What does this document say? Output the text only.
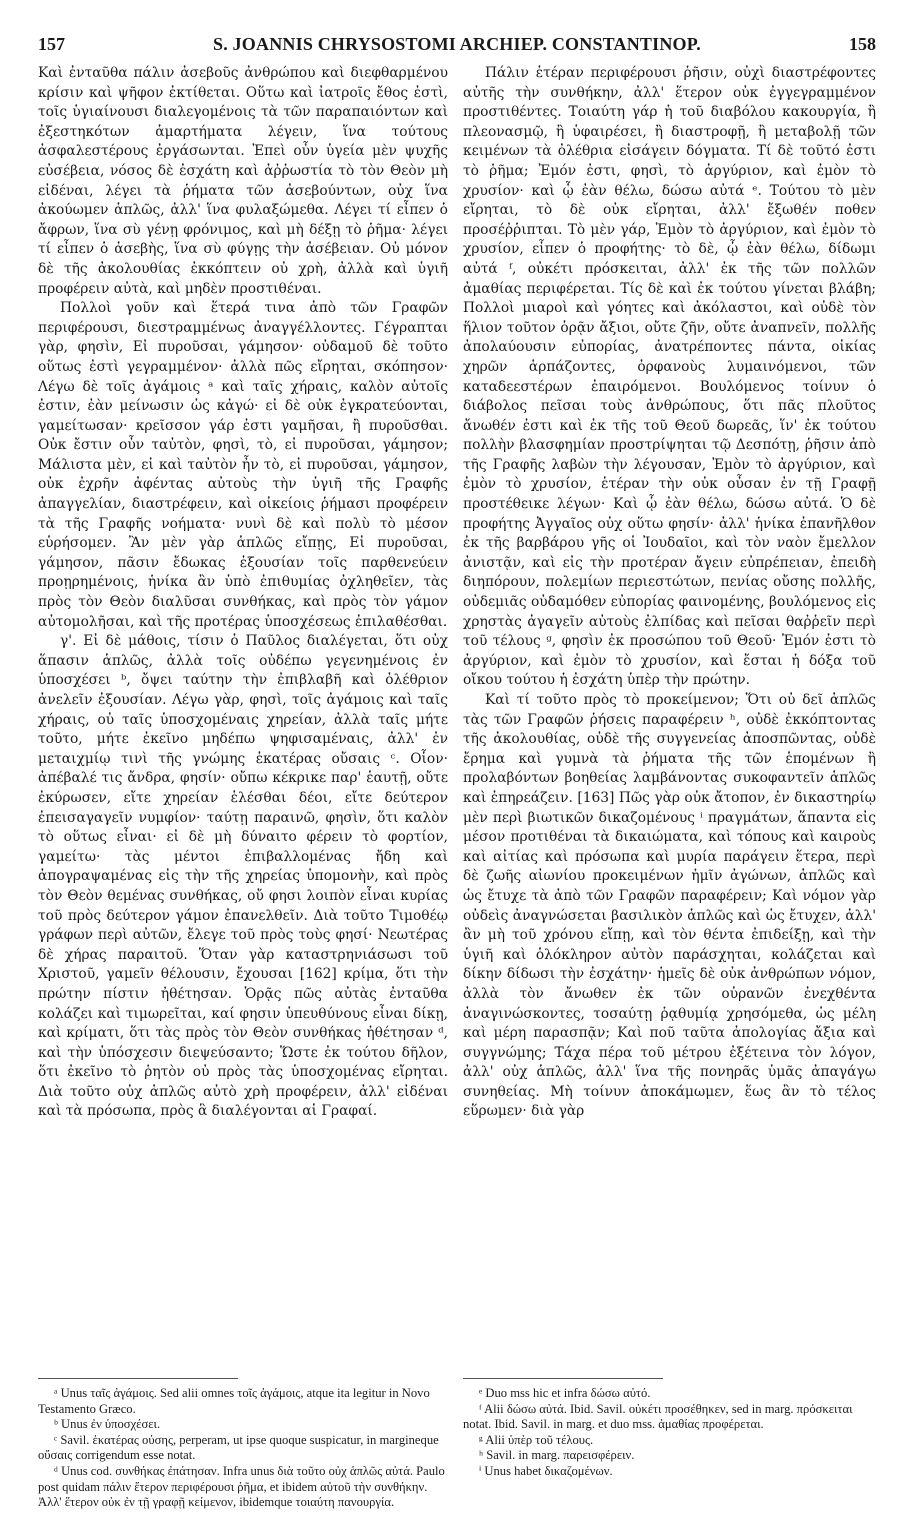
157	S. JOANNIS CHRYSOSTOMI ARCHIEP. CONSTANTINOP.	158

Καὶ ἐνταῦθα πάλιν ἀσεβοῦς ἀνθρώπου καὶ διεφθαρμένου κρίσιν καὶ ψῆφον ἐκτίθεται. Οὕτω καὶ ἰατροῖς ἔθος ἐστὶ, τοῖς ὑγιαίνουσι διαλεγομένοις τὰ τῶν παραπαιόντων καὶ ἐξεστηκότων ἁμαρτήματα λέγειν, ἵνα τούτους ἀσφαλεστέρους ἐργάσωνται. Ἐπεὶ οὖν ὑγεία μὲν ψυχῆς εὐσέβεια, νόσος δὲ ἐσχάτη καὶ ἀῤῥωστία τὸ τὸν Θεὸν μὴ εἰδέναι, λέγει τὰ ῥήματα τῶν ἀσεβούντων, οὐχ ἵνα ἀκούωμεν ἁπλῶς, ἀλλ' ἵνα φυλαξώμεθα. Λέγει τί εἶπεν ὁ ἄφρων, ἵνα σὺ γένῃ φρόνιμος, καὶ μὴ δέξῃ τὸ ῥῆμα· λέγει τί εἶπεν ὁ ἀσεβὴς, ἵνα σὺ φύγῃς τὴν ἀσέβειαν. Οὐ μόνον δὲ τῆς ἀκολουθίας ἐκκόπτειν οὐ χρὴ, ἀλλὰ καὶ ὑγιῆ προφέρειν αὐτὰ, καὶ μηδὲν προστιθέναι.

Πολλοὶ γοῦν καὶ ἕτερά τινα ἀπὸ τῶν Γραφῶν περιφέρουσι, διεστραμμένως ἀναγγέλλοντες. Γέγραπται γὰρ, φησὶν, Εἰ πυροῦσαι, γάμησον· οὐδαμοῦ δὲ τοῦτο οὕτως ἐστὶ γεγραμμένον· ἀλλὰ πῶς εἴρηται, σκόπησον· Λέγω δὲ τοῖς ἀγάμοις ᵃ καὶ ταῖς χήραις, καλὸν αὐτοῖς ἐστιν, ἐὰν μείνωσιν ὡς κἀγώ· εἰ δὲ οὐκ ἐγκρατεύονται, γαμείτωσαν· κρεῖσσον γάρ ἐστι γαμῆσαι, ἢ πυροῦσθαι. Οὐκ ἔστιν οὖν ταὐτὸν, φησὶ, τὸ, εἰ πυροῦσαι, γάμησον; Μάλιστα μὲν, εἰ καὶ ταὐτὸν ἦν τὸ, εἰ πυροῦσαι, γάμησον, οὐκ ἐχρῆν ἀφέντας αὐτοὺς τὴν ὑγιῆ τῆς Γραφῆς ἀπαγγελίαν, διαστρέφειν, καὶ οἰκείοις ῥήμασι προφέρειν τὰ τῆς Γραφῆς νοήματα· νυνὶ δὲ καὶ πολὺ τὸ μέσον εὑρήσομεν. Ἂν μὲν γὰρ ἁπλῶς εἴπῃς, Εἰ πυροῦσαι, γάμησον, πᾶσιν ἔδωκας ἐξουσίαν τοῖς παρθενεύειν προῃρημένοις, ἡνίκα ἂν ὑπὸ ἐπιθυμίας ὀχληθεῖεν, τὰς πρὸς τὸν Θεὸν διαλῦσαι συνθήκας, καὶ πρὸς τὸν γάμον αὐτομολῆσαι, καὶ τῆς προτέρας ὑποσχέσεως ἐπιλαθέσθαι.

γ'. Εἰ δὲ μάθοις, τίσιν ὁ Παῦλος διαλέγεται, ὅτι οὐχ ἅπασιν ἁπλῶς, ἀλλὰ τοῖς οὐδέπω γεγενημένοις ἐν ὑποσχέσει ᵇ, ὄψει ταύτην τὴν ἐπιβλαβῆ καὶ ὀλέθριον ἀνελεῖν ἐξουσίαν. Λέγω γὰρ, φησὶ, τοῖς ἀγάμοις καὶ ταῖς χήραις, οὐ ταῖς ὑποσχομέναις χηρείαν, ἀλλὰ ταῖς μήτε τοῦτο, μήτε ἐκεῖνο μηδέπω ψηφισαμέναις, ἀλλ' ἐν μεταιχμίῳ τινὶ τῆς γνώμης ἑκατέρας οὔσαις ᶜ. Οἷον· ἀπέβαλέ τις ἄνδρα, φησίν· οὔπω κέκρικε παρ' ἑαυτῇ, οὔτε ἐκύρωσεν, εἴτε χηρείαν ἑλέσθαι δέοι, εἴτε δεύτερον ἐπεισαγαγεῖν νυμφίον· ταύτῃ παραινῶ, φησὶν, ὅτι καλὸν τὸ οὕτως εἶναι· εἰ δὲ μὴ δύναιτο φέρειν τὸ φορτίον, γαμείτω· τὰς μέντοι ἐπιβαλλομένας ἤδη καὶ ἀπογραψαμένας εἰς τὴν τῆς χηρείας ὑπομονὴν, καὶ πρὸς τὸν Θεὸν θεμένας συνθήκας, οὔ φησι λοιπὸν εἶναι κυρίας τοῦ πρὸς δεύτερον γάμον ἐπανελθεῖν. Διὰ τοῦτο Τιμοθέῳ γράφων περὶ αὐτῶν, ἔλεγε τοῦ πρὸς τοὺς φησί· Νεωτέρας δὲ χήρας παραιτοῦ. Ὅταν γὰρ καταστρηνιάσωσι τοῦ Χριστοῦ, γαμεῖν θέλουσιν, ἔχουσαι [162] κρίμα, ὅτι τὴν πρώτην πίστιν ἠθέτησαν. Ὁρᾷς πῶς αὐτὰς ἐνταῦθα κολάζει καὶ τιμωρεῖται, καί φησιν ὑπευθύνους εἶναι δίκῃ, καὶ κρίματι, ὅτι τὰς πρὸς τὸν Θεὸν συνθήκας ἠθέτησαν ᵈ, καὶ τὴν ὑπόσχεσιν διεψεύσαντο; Ὥστε ἐκ τούτου δῆλον, ὅτι ἐκεῖνο τὸ ῥητὸν οὐ πρὸς τὰς ὑποσχομένας εἴρηται. Διὰ τοῦτο οὐχ ἁπλῶς αὐτὸ χρὴ προφέρειν, ἀλλ' εἰδέναι καὶ τὰ πρόσωπα, πρὸς ἃ διαλέγονται αἱ Γραφαί.

Πάλιν ἑτέραν περιφέρουσι ῥῆσιν, οὐχὶ διαστρέφοντες αὐτῆς τὴν συνθήκην, ἀλλ' ἕτερον οὐκ ἐγγεγραμμένον προστιθέντες. Τοιαύτη γάρ ἡ τοῦ διαβόλου κακουργία, ἢ πλεονασμῷ, ἢ ὑφαιρέσει, ἢ διαστροφῇ, ἢ μεταβολῇ τῶν κειμένων τὰ ὀλέθρια εἰσάγειν δόγματα. Τί δὲ τοῦτό ἐστι τὸ ῥῆμα; Ἐμόν ἐστι, φησὶ, τὸ ἀργύριον, καὶ ἐμὸν τὸ χρυσίον· καὶ ᾧ ἐὰν θέλω, δώσω αὐτά ᵉ. Τούτου τὸ μὲν εἴρηται, τὸ δὲ οὐκ εἴρηται, ἀλλ' ἔξωθέν ποθεν προσέῤῥιπται. Τὸ μὲν γάρ, Ἐμὸν τὸ ἀργύριον, καὶ ἐμὸν τὸ χρυσίον, εἶπεν ὁ προφήτης· τὸ δὲ, ᾧ ἐὰν θέλω, δίδωμι αὐτά ᶠ, οὐκέτι πρόσκειται, ἀλλ' ἐκ τῆς τῶν πολλῶν ἀμαθίας περιφέρεται. Τίς δὲ καὶ ἐκ τούτου γίνεται βλάβη; Πολλοὶ μιαροὶ καὶ γόητες καὶ ἀκόλαστοι, καὶ οὐδὲ τὸν ἥλιον τοῦτον ὁρᾷν ἄξιοι, οὔτε ζῆν, οὔτε ἀναπνεῖν, πολλῆς ἀπολαύουσιν εὐπορίας, ἀνατρέποντες πάντα, οἰκίας χηρῶν ἁρπάζοντες, ὀρφανοὺς λυμαινόμενοι, τῶν καταδεεστέρων ἐπαιρόμενοι. Βουλόμενος τοίνυν ὁ διάβολος πεῖσαι τοὺς ἀνθρώπους, ὅτι πᾶς πλοῦτος ἄνωθέν ἐστι καὶ ἐκ τῆς τοῦ Θεοῦ δωρεᾶς, ἵν' ἐκ τούτου πολλὴν βλασφημίαν προστρίψηται τῷ Δεσπότῃ, ῥῆσιν ἀπὸ τῆς Γραφῆς λαβὼν τὴν λέγουσαν, Ἐμὸν τὸ ἀργύριον, καὶ ἐμὸν τὸ χρυσίον, ἑτέραν τὴν οὐκ οὖσαν ἐν τῇ Γραφῇ προστέθεικε λέγων· Καὶ ᾧ ἐὰν θέλω, δώσω αὐτά. Ὁ δὲ προφήτης Ἀγγαῖος οὐχ οὕτω φησίν· ἀλλ' ἡνίκα ἐπανῆλθον ἐκ τῆς βαρβάρου γῆς οἱ Ἰουδαῖοι, καὶ τὸν ναὸν ἔμελλον ἀνιστᾷν, καὶ εἰς τὴν προτέραν ἄγειν εὐπρέπειαν, ἐπειδὴ διηπόρουν, πολεμίων περιεστώτων, πενίας οὔσης πολλῆς, οὐδεμιᾶς οὐδαμόθεν εὐπορίας φαινομένης, βουλόμενος εἰς χρηστὰς ἀγαγεῖν αὐτοὺς ἐλπίδας καὶ πεῖσαι θαῤῥεῖν περὶ τοῦ τέλους ᵍ, φησὶν ἐκ προσώπου τοῦ Θεοῦ· Ἐμόν ἐστι τὸ ἀργύριον, καὶ ἐμὸν τὸ χρυσίον, καὶ ἔσται ἡ δόξα τοῦ οἴκου τούτου ἡ ἐσχάτη ὑπὲρ τὴν πρώτην.

Καὶ τί τοῦτο πρὸς τὸ προκείμενον; Ὅτι οὐ δεῖ ἁπλῶς τὰς τῶν Γραφῶν ῥήσεις παραφέρειν ʰ, οὐδὲ ἐκκόπτοντας τῆς ἀκολουθίας, οὐδὲ τῆς συγγενείας ἀποσπῶντας, οὐδὲ ἔρημα καὶ γυμνὰ τὰ ῥήματα τῆς τῶν ἑπομένων ἢ προλαβόντων βοηθείας λαμβάνοντας συκοφαντεῖν ἁπλῶς καὶ ἐπηρεάζειν. [163] Πῶς γὰρ οὐκ ἄτοπον, ἐν δικαστηρίῳ μὲν περὶ βιωτικῶν δικαζομένους ⁱ πραγμάτων, ἅπαντα εἰς μέσον προτιθέναι τὰ δικαιώματα, καὶ τόπους καὶ καιροὺς καὶ αἰτίας καὶ πρόσωπα καὶ μυρία παράγειν ἕτερα, περὶ δὲ ζωῆς αἰωνίου προκειμένων ἡμῖν ἀγώνων, ἁπλῶς καὶ ὡς ἔτυχε τὰ ἀπὸ τῶν Γραφῶν παραφέρειν; Καὶ νόμον γὰρ οὐδεὶς ἀναγνώσεται βασιλικὸν ἁπλῶς καὶ ὡς ἔτυχεν, ἀλλ' ἂν μὴ τοῦ χρόνου εἴπῃ, καὶ τὸν θέντα ἐπιδείξῃ, καὶ τὴν ὑγιῆ καὶ ὁλόκληρον αὐτὸν παράσχηται, κολάζεται καὶ δίκην δίδωσι τὴν ἐσχάτην· ἡμεῖς δὲ οὐκ ἀνθρώπων νόμον, ἀλλὰ τὸν ἄνωθεν ἐκ τῶν οὐρανῶν ἐνεχθέντα ἀναγινώσκοντες, τοσαύτῃ ῥᾳθυμίᾳ χρησόμεθα, ὡς μέλη καὶ μέρη παρασπᾷν; Καὶ ποῦ ταῦτα ἀπολογίας ἄξια καὶ συγγνώμης; Τάχα πέρα τοῦ μέτρου ἐξέτεινα τὸν λόγον, ἀλλ' οὐχ ἁπλῶς, ἀλλ' ἵνα τῆς πονηρᾶς ὑμᾶς ἀπαγάγω συνηθείας. Μὴ τοίνυν ἀποκάμωμεν, ἕως ἂν τὸ τέλος εὕρωμεν· διὰ γὰρ

ᵃ Unus ταῖς ἀγάμοις. Sed alii omnes τοῖς ἀγάμοις, atque ita legitur in Novo Testamento Græco.
ᵇ Unus ἐν ὑποσχέσει.
ᶜ Savil. ἑκατέρας οὐσης, perperam, ut ipse quoque suspicatur, in margineque οὔσαις corrigendum esse notat.
ᵈ Unus cod. συνθήκας ἐπάτησαν. Infra unus διὰ τοῦτο οὐχ ἁπλῶς αὐτά. Paulo post quidam πάλιν ἕτερον περιφέρουσι ῥῆμα, et ibidem αὐτοῦ τὴν συνθήκην. Ἀλλ' ἕτερον οὐκ ἐν τῇ γραφῇ κείμενον, ibidemque τοιαύτη πανουργία.
ᵉ Duo mss hic et infra δώσω αὐτό.
ᶠ Alii δώσω αὐτά. Ibid. Savil. οὐκέτι προσέθηκεν, sed in marg. πρόσκειται notat. Ibid. Savil. in marg. et duo mss. ἀμαθίας προφέρεται.
ᵍ Alii ὑπὲρ τοῦ τέλους.
ʰ Savil. in marg. παρεισφέρειν.
ⁱ Unus habet δικαζομένων.
